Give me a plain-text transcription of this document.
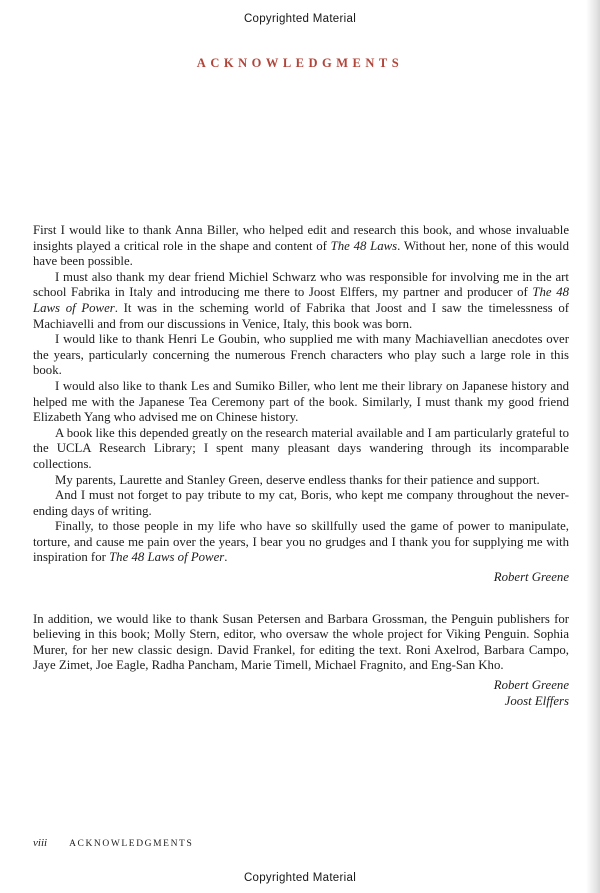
Copyrighted Material
ACKNOWLEDGMENTS

First I would like to thank Anna Biller, who helped edit and research this book, and whose invaluable insights played a critical role in the shape and content of The 48 Laws. Without her, none of this would have been possible.

I must also thank my dear friend Michiel Schwarz who was responsible for involving me in the art school Fabrika in Italy and introducing me there to Joost Elffers, my partner and producer of The 48 Laws of Power. It was in the scheming world of Fabrika that Joost and I saw the timelessness of Machiavelli and from our discussions in Venice, Italy, this book was born.

I would like to thank Henri Le Goubin, who supplied me with many Machiavellian anecdotes over the years, particularly concerning the numerous French characters who play such a large role in this book.

I would also like to thank Les and Sumiko Biller, who lent me their library on Japanese history and helped me with the Japanese Tea Ceremony part of the book. Similarly, I must thank my good friend Elizabeth Yang who advised me on Chinese history.

A book like this depended greatly on the research material available and I am particularly grateful to the UCLA Research Library; I spent many pleasant days wandering through its incomparable collections.

My parents, Laurette and Stanley Green, deserve endless thanks for their patience and support.

And I must not forget to pay tribute to my cat, Boris, who kept me company throughout the never-ending days of writing.

Finally, to those people in my life who have so skillfully used the game of power to manipulate, torture, and cause me pain over the years, I bear you no grudges and I thank you for supplying me with inspiration for The 48 Laws of Power.

Robert Greene

In addition, we would like to thank Susan Petersen and Barbara Grossman, the Penguin publishers for believing in this book; Molly Stern, editor, who oversaw the whole project for Viking Penguin. Sophia Murer, for her new classic design. David Frankel, for editing the text. Roni Axelrod, Barbara Campo, Jaye Zimet, Joe Eagle, Radha Pancham, Marie Timell, Michael Fragnito, and Eng-San Kho.

Robert Greene
Joost Elffers
viii ACKNOWLEDGMENTS
Copyrighted Material
